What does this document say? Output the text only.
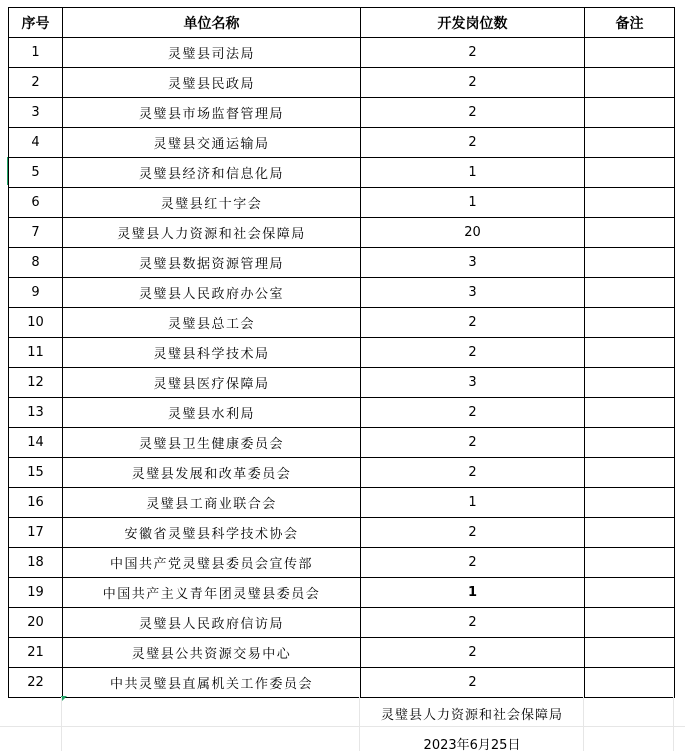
序号	单位名称	开发岗位数	备注
1	灵璧县司法局	2	
2	灵璧县民政局	2	
3	灵璧县市场监督管理局	2	
4	灵璧县交通运输局	2	
5	灵璧县经济和信息化局	1	
6	灵璧县红十字会	1	
7	灵璧县人力资源和社会保障局	20	
8	灵璧县数据资源管理局	3	
9	灵璧县人民政府办公室	3	
10	灵璧县总工会	2	
11	灵璧县科学技术局	2	
12	灵璧县医疗保障局	3	
13	灵璧县水利局	2	
14	灵璧县卫生健康委员会	2	
15	灵璧县发展和改革委员会	2	
16	灵璧县工商业联合会	1	
17	安徽省灵璧县科学技术协会	2	
18	中国共产党灵璧县委员会宣传部	2	
19	中国共产主义青年团灵璧县委员会	1	
20	灵璧县人民政府信访局	2	
21	灵璧县公共资源交易中心	2	
22	中共灵璧县直属机关工作委员会	2	
灵璧县人力资源和社会保障局
2023年6月25日
